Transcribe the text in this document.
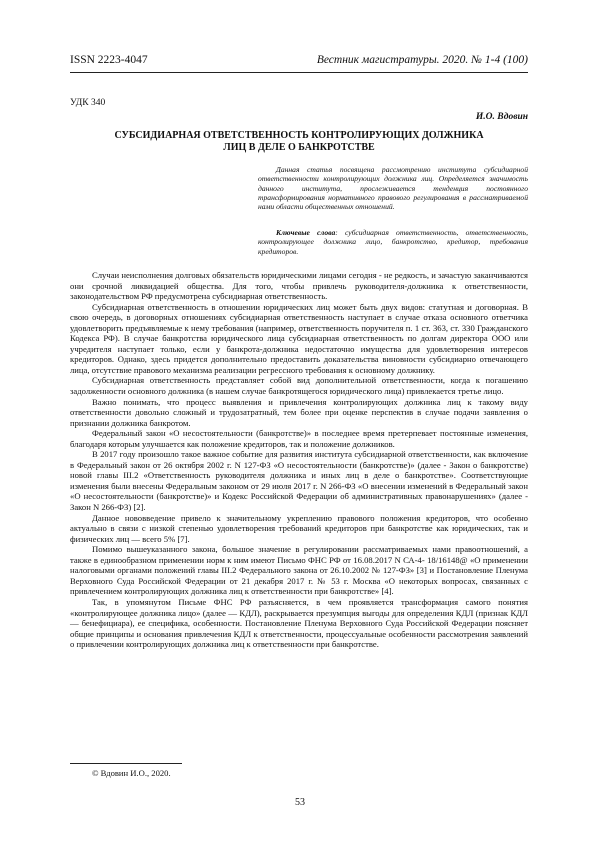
ISSN 2223-4047	Вестник магистратуры. 2020. № 1-4 (100)
УДК 340
И.О. Вдовин
СУБСИДИАРНАЯ ОТВЕТСТВЕННОСТЬ КОНТРОЛИРУЮЩИХ ДОЛЖНИКА
ЛИЦ В ДЕЛЕ О БАНКРОТСТВЕ
Данная статья посвящена рассмотрению института субсидиарной ответственности контролирующих должника лиц. Определяется значимость данного института, прослеживается тенденция постоянного трансформирования нормативного правового регулирования в рассматриваемой нами области общественных отношений.
Ключевые слова: субсидиарная ответственность, ответственность, контролирующее должника лицо, банкротство, кредитор, требования кредиторов.

Случаи неисполнения долговых обязательств юридическими лицами сегодня - не редкость, и зачастую заканчиваются они срочной ликвидацией общества. Для того, чтобы привлечь руководителя-должника к ответственности, законодательством РФ предусмотрена субсидиарная ответственность.

Субсидиарная ответственность в отношении юридических лиц может быть двух видов: статутная и договорная. В свою очередь, в договорных отношениях субсидиарная ответственность наступает в случае отказа основного ответчика удовлетворить предъявляемые к нему требования (например, ответственность поручителя п. 1 ст. 363, ст. 330 Гражданского Кодекса РФ). В случае банкротства юридического лица субсидиарная ответственность по долгам директора ООО или учредителя наступает только, если у банкрота-должника недостаточно имущества для удовлетворения интересов кредиторов. Однако, здесь придется дополнительно предоставить доказательства виновности субсидиарно отвечающего лица, отсутствие правового механизма реализации регрессного требования к основному должнику.

Субсидиарная ответственность представляет собой вид дополнительной ответственности, когда к погашению задолженности основного должника (в нашем случае банкротящегося юридического лица) привлекается третье лицо.

Важно понимать, что процесс выявления и привлечения контролирующих должника лиц к такому виду ответственности довольно сложный и трудозатратный, тем более при оценке перспектив в случае подачи заявления о признании должника банкротом.

Федеральный закон «О несостоятельности (банкротстве)» в последнее время претерпевает постоянные изменения, благодаря которым улучшается как положение кредиторов, так и положение должников.

В 2017 году произошло такое важное событие для развития института субсидиарной ответственности, как включение в Федеральный закон от 26 октября 2002 г. N 127-ФЗ «О несостоятельности (банкротстве)» (далее - Закон о банкротстве) новой главы III.2 «Ответственность руководителя должника и иных лиц в деле о банкротстве». Соответствующие изменения были внесены Федеральным законом от 29 июля 2017 г. N 266-ФЗ «О внесении изменений в Федеральный закон «О несостоятельности (банкротстве)» и Кодекс Российской Федерации об административных правонарушениях» (далее - Закон N 266-ФЗ) [2].

Данное нововведение привело к значительному укреплению правового положения кредиторов, что особенно актуально в связи с низкой степенью удовлетворения требований кредиторов при банкротстве как юридических, так и физических лиц — всего 5% [7].

Помимо вышеуказанного закона, большое значение в регулировании рассматриваемых нами правоотношений, а также в единообразном применении норм к ним имеют Письмо ФНС РФ от 16.08.2017 N СА-4- 18/16148@ «О применении налоговыми органами положений главы III.2 Федерального закона от 26.10.2002 № 127-ФЗ» [3] и Постановление Пленума Верховного Суда Российской Федерации от 21 декабря 2017 г. № 53 г. Москва «О некоторых вопросах, связанных с привлечением контролирующих должника лиц к ответственности при банкротстве» [4].

Так, в упомянутом Письме ФНС РФ разъясняется, в чем проявляется трансформация самого понятия «контролирующее должника лицо» (далее — КДЛ), раскрывается презумпция выгоды для определения КДЛ (признак КДЛ — бенефициара), ее специфика, особенности. Постановление Пленума Верховного Суда Российской Федерации поясняет общие принципы и основания привлечения КДЛ к ответственности, процессуальные особенности рассмотрения заявлений о привлечении контролирующих должника лиц к ответственности при банкротстве.

© Вдовин И.О., 2020.
53
